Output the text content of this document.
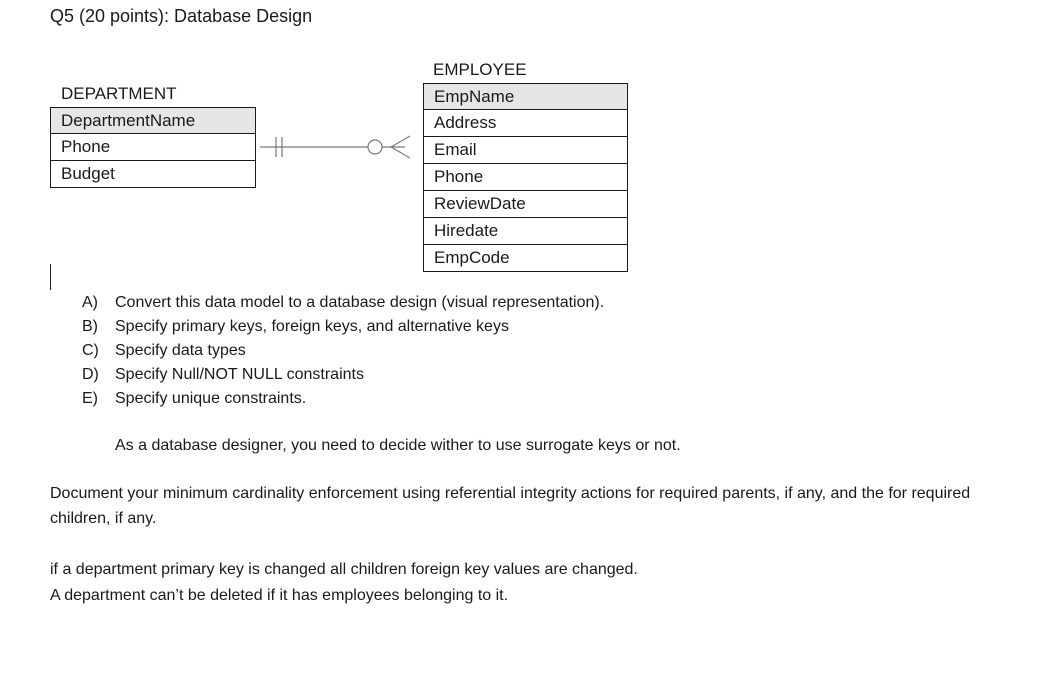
Q5 (20 points): Database Design
DEPARTMENT
DepartmentName
Phone
Budget
EMPLOYEE
EmpName
Address
Email
Phone
ReviewDate
Hiredate
EmpCode
A)	Convert this data model to a database design (visual representation).
B)	Specify primary keys, foreign keys, and alternative keys
C)	Specify data types
D)	Specify Null/NOT NULL constraints
E)	Specify unique constraints.
As a database designer, you need to decide wither to use surrogate keys or not.
Document your minimum cardinality enforcement using referential integrity actions for required parents, if any, and the for required children, if any.
if a department primary key is changed all children foreign key values are changed.
A department can’t be deleted if it has employees belonging to it.
